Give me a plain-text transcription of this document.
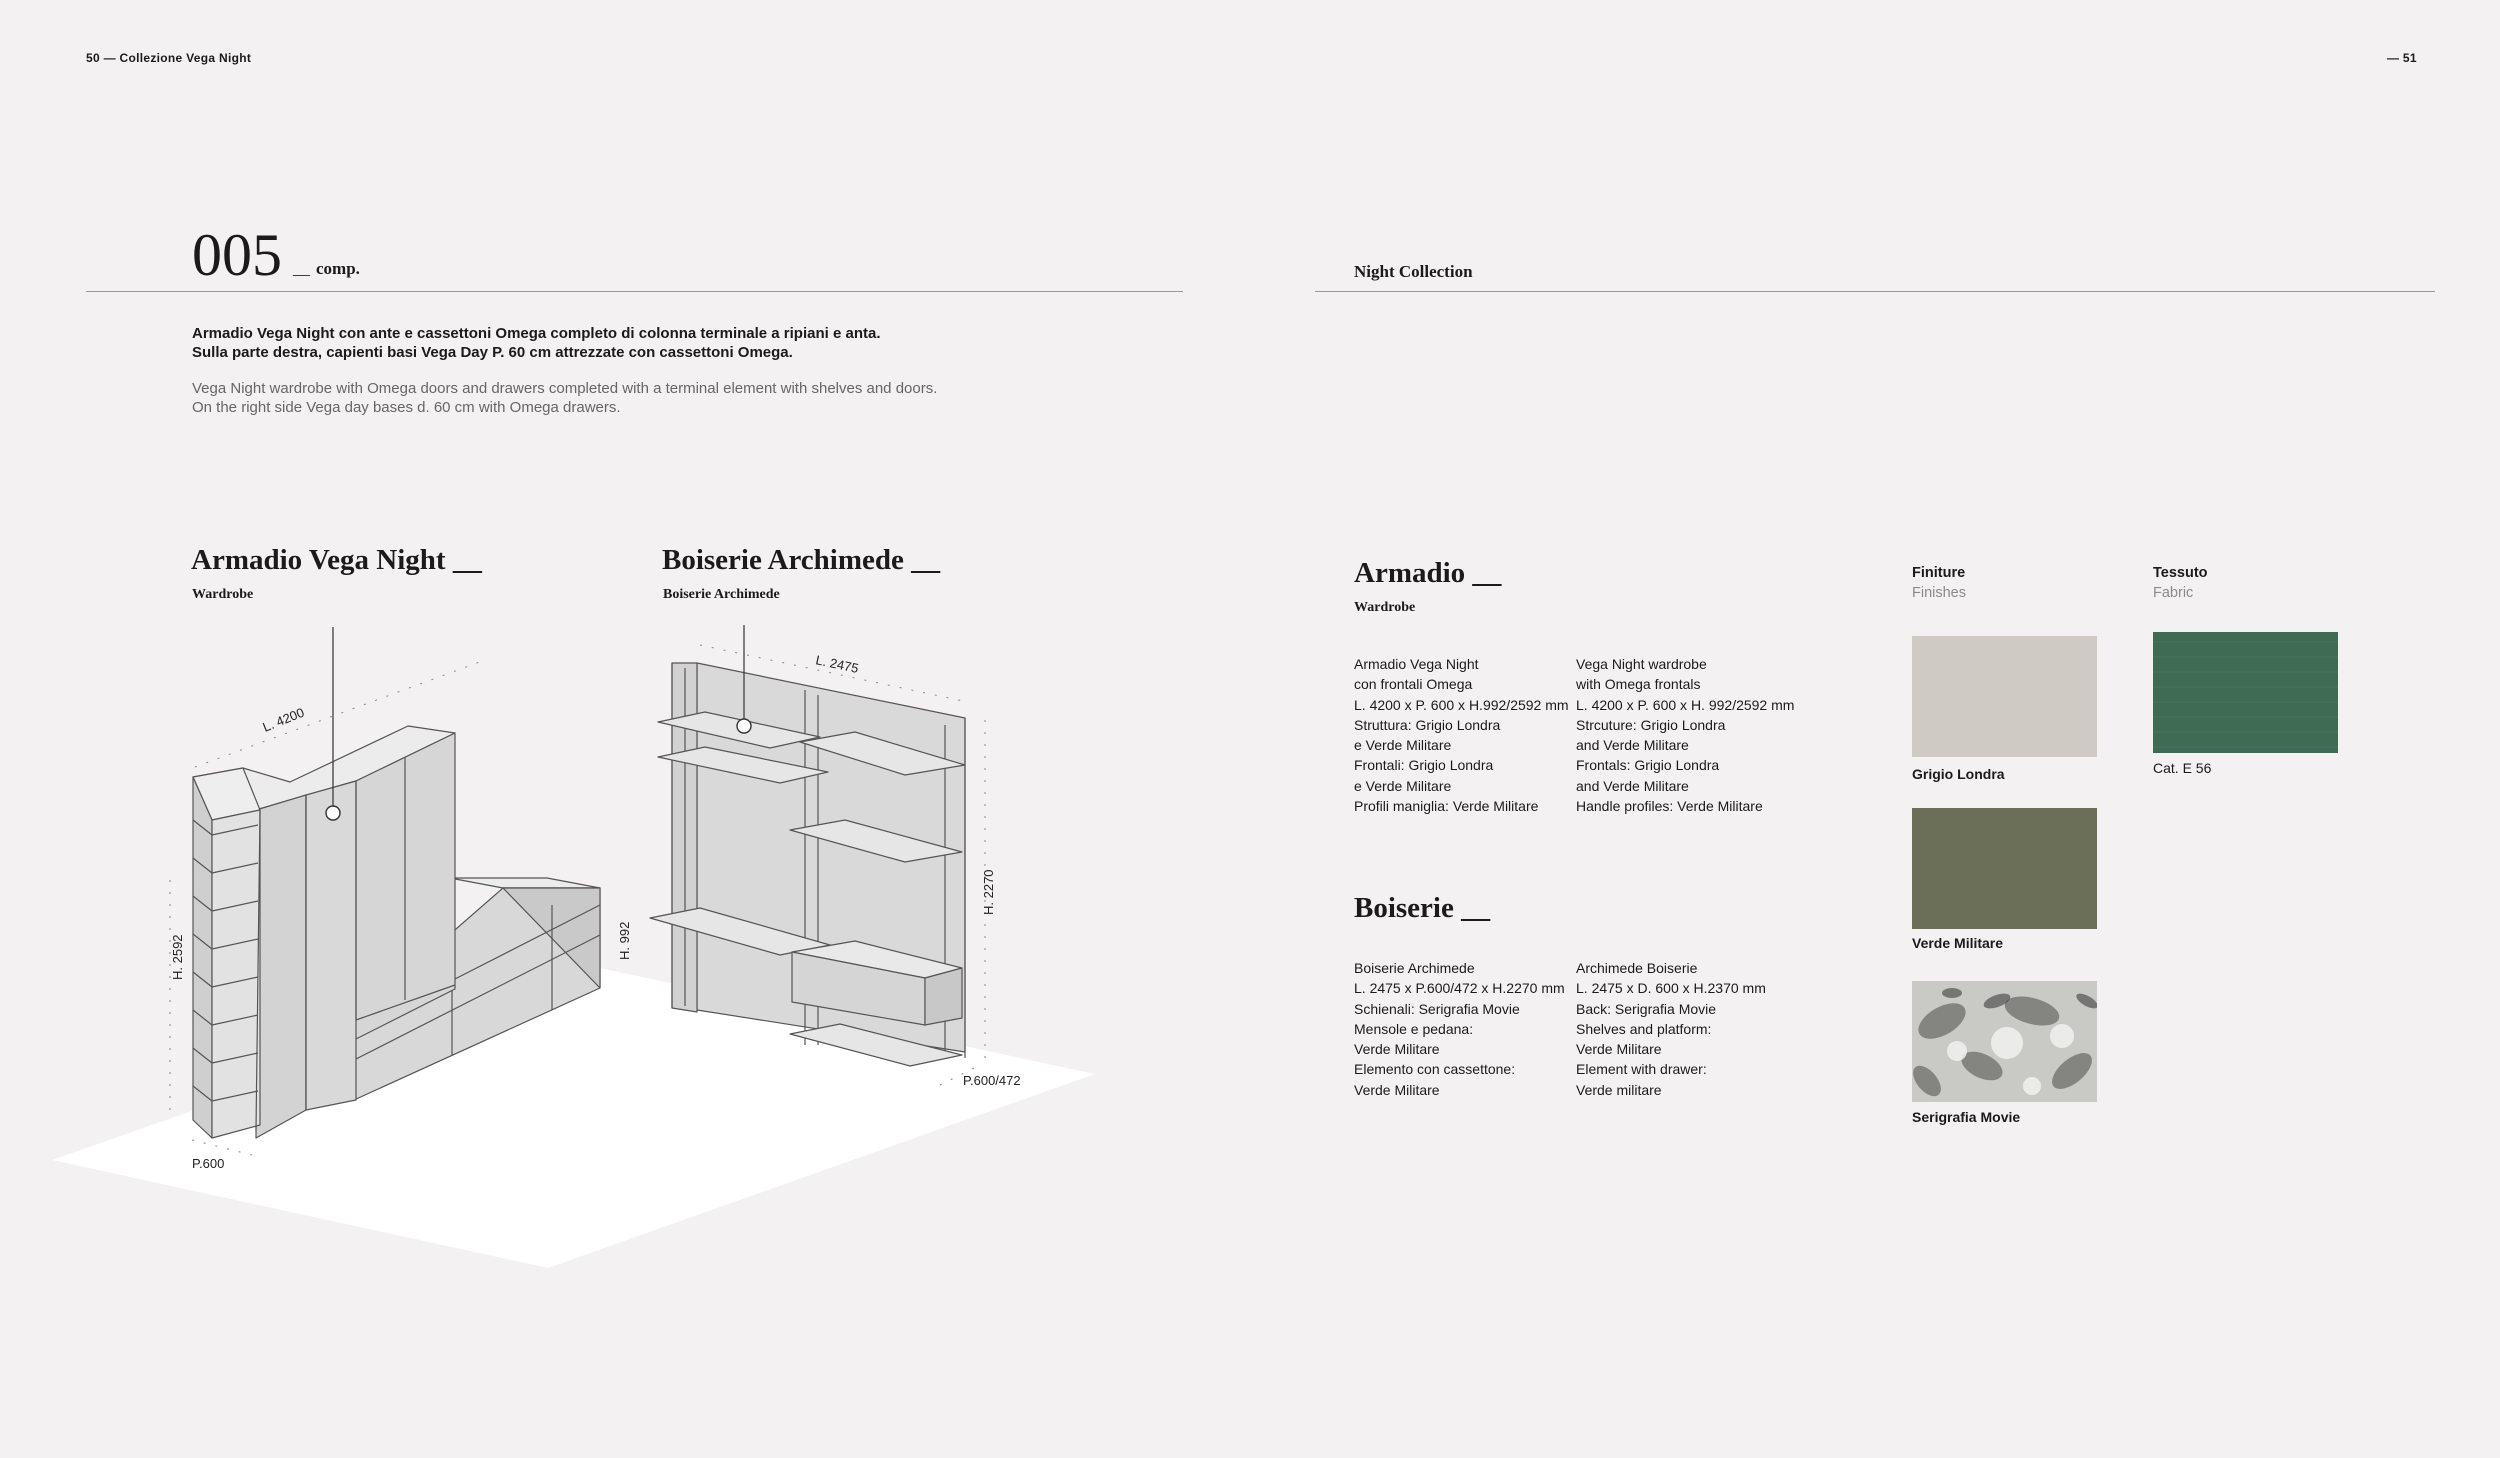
50 — Collezione Vega Night	— 51
005 __ comp.	Night Collection
Armadio Vega Night con ante e cassettoni Omega completo di colonna terminale a ripiani e anta.
Sulla parte destra, capienti basi Vega Day P. 60 cm attrezzate con cassettoni Omega.
Vega Night wardrobe with Omega doors and drawers completed with a terminal element with shelves and doors.
On the right side Vega day bases d. 60 cm with Omega drawers.
Armadio Vega Night __
Wardrobe
Boiserie Archimede __
Boiserie Archimede
L. 4200
H. 2592
P.600
H. 992
L. 2475
H. 2270
P.600/472
Armadio __
Wardrobe
Armadio Vega Night
con frontali Omega
L. 4200 x P. 600 x H.992/2592 mm
Struttura: Grigio Londra
e Verde Militare
Frontali: Grigio Londra
e Verde Militare
Profili maniglia: Verde Militare
Vega Night wardrobe
with Omega frontals
L. 4200 x P. 600 x H. 992/2592 mm
Strcuture: Grigio Londra
and Verde Militare
Frontals: Grigio Londra
and Verde Militare
Handle profiles: Verde Militare
Boiserie __
Boiserie Archimede
L. 2475 x P.600/472 x H.2270 mm
Schienali: Serigrafia Movie
Mensole e pedana:
Verde Militare
Elemento con cassettone:
Verde Militare
Archimede Boiserie
L. 2475 x D. 600 x H.2370 mm
Back: Serigrafia Movie
Shelves and platform:
Verde Militare
Element with drawer:
Verde militare
Finiture
Finishes
Grigio Londra
Verde Militare
Serigrafia Movie
Tessuto
Fabric
Cat. E 56
